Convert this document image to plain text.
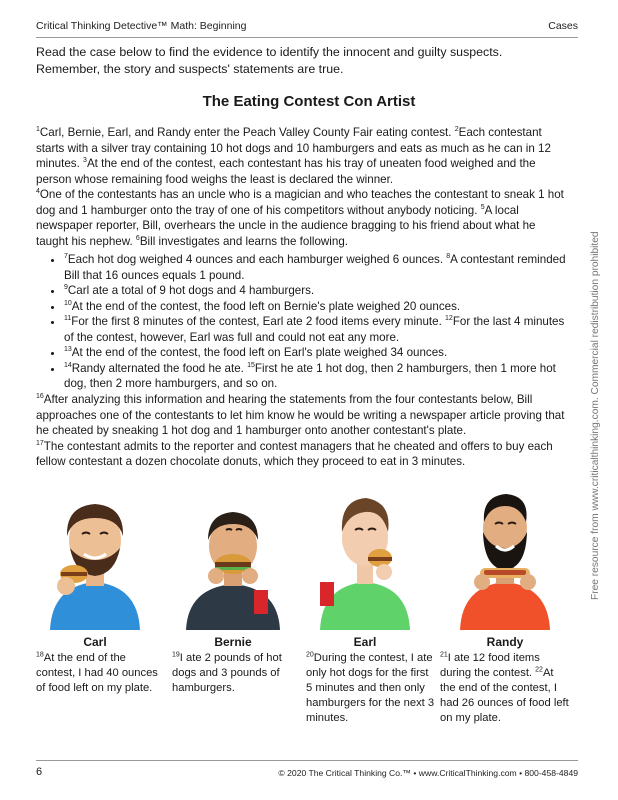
Critical Thinking Detective™ Math: Beginning	Cases
Read the case below to find the evidence to identify the innocent and guilty suspects. Remember, the story and suspects' statements are true.
The Eating Contest Con Artist

$^1$Carl, Bernie, Earl, and Randy enter the Peach Valley County Fair eating contest. $^2$Each contestant starts with a silver tray containing 10 hot dogs and 10 hamburgers and eats as much as he can in 12 minutes. $^3$At the end of the contest, each contestant has his tray of uneaten food weighed and the person whose remaining food weighs the least is declared the winner.
$^4$One of the contestants has an uncle who is a magician and who teaches the contestant to sneak 1 hot dog and 1 hamburger onto the tray of one of his competitors without anybody noticing. $^5$A local newspaper reporter, Bill, overhears the uncle in the audience bragging to his friend about what he taught his nephew. $^6$Bill investigates and learns the following.

• $^7$Each hot dog weighed 4 ounces and each hamburger weighed 6 ounces. $^8$A contestant reminded Bill that 16 ounces equals 1 pound.
• $^9$Carl ate a total of 9 hot dogs and 4 hamburgers.
• $^{10}$At the end of the contest, the food left on Bernie's plate weighed 20 ounces.
• $^{11}$For the first 8 minutes of the contest, Earl ate 2 food items every minute. $^{12}$For the last 4 minutes of the contest, however, Earl was full and could not eat any more.
• $^{13}$At the end of the contest, the food left on Earl's plate weighed 34 ounces.
• $^{14}$Randy alternated the food he ate. $^{15}$First he ate 1 hot dog, then 2 hamburgers, then 1 more hot dog, then 2 more hamburgers, and so on.

$^{16}$After analyzing this information and hearing the statements from the four contestants below, Bill approaches one of the contestants to let him know he would be writing a newspaper article proving that he cheated by sneaking 1 hot dog and 1 hamburger onto another contestant's plate.
$^{17}$The contestant admits to the reporter and contest managers that he cheated and offers to buy each fellow contestant a dozen chocolate donuts, which they proceed to eat in 3 minutes.

Carl	Bernie	Earl	Randy
$^{18}$At the end of the contest, I had 40 ounces of food left on my plate.
$^{19}$I ate 2 pounds of hot dogs and 3 pounds of hamburgers.
$^{20}$During the contest, I ate only hot dogs for the first 5 minutes and then only hamburgers for the next 3 minutes.
$^{21}$I ate 12 food items during the contest. $^{22}$At the end of the contest, I had 26 ounces of food left on my plate.
Free resource from www.criticalthinking.com. Commercial redistribution prohibited
6	© 2020 The Critical Thinking Co.™ • www.CriticalThinking.com • 800-458-4849
